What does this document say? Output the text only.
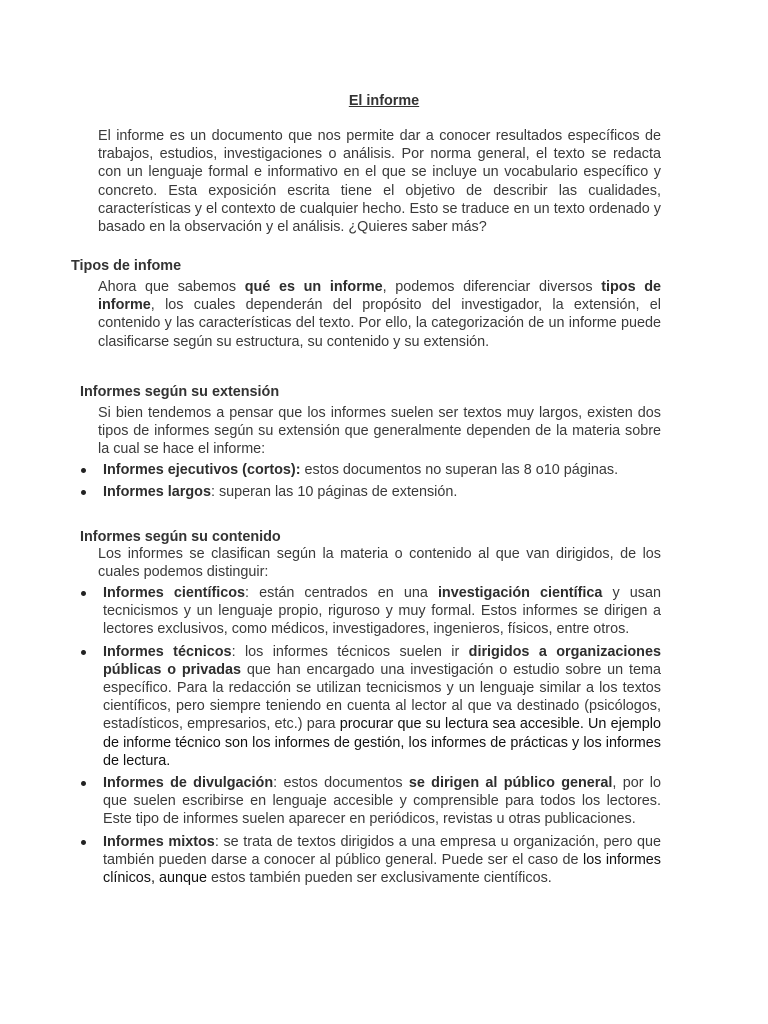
El informe

El informe es un documento que nos permite dar a conocer resultados específicos de trabajos, estudios, investigaciones o análisis. Por norma general, el texto se redacta con un lenguaje formal e informativo en el que se incluye un vocabulario específico y concreto. Esta exposición escrita tiene el objetivo de describir las cualidades, características y el contexto de cualquier hecho. Esto se traduce en un texto ordenado y basado en la observación y el análisis. ¿Quieres saber más?

Tipos de infome

Ahora que sabemos qué es un informe, podemos diferenciar diversos tipos de informe, los cuales dependerán del propósito del investigador, la extensión, el contenido y las características del texto. Por ello, la categorización de un informe puede clasificarse según su estructura, su contenido y su extensión.

Informes según su extensión

Si bien tendemos a pensar que los informes suelen ser textos muy largos, existen dos tipos de informes según su extensión que generalmente dependen de la materia sobre la cual se hace el informe:

Informes ejecutivos (cortos): estos documentos no superan las 8 o10 páginas.
Informes largos: superan las 10 páginas de extensión.
Informes según su contenido

Los informes se clasifican según la materia o contenido al que van dirigidos, de los cuales podemos distinguir:

Informes científicos: están centrados en una investigación científica y usan tecnicismos y un lenguaje propio, riguroso y muy formal. Estos informes se dirigen a lectores exclusivos, como médicos, investigadores, ingenieros, físicos, entre otros.
Informes técnicos: los informes técnicos suelen ir dirigidos a organizaciones públicas o privadas que han encargado una investigación o estudio sobre un tema específico. Para la redacción se utilizan tecnicismos y un lenguaje similar a los textos científicos, pero siempre teniendo en cuenta al lector al que va destinado (psicólogos, estadísticos, empresarios, etc.) para procurar que su lectura sea accesible. Un ejemplo de informe técnico son los informes de gestión, los informes de prácticas y los informes de lectura.
Informes de divulgación: estos documentos se dirigen al público general, por lo que suelen escribirse en lenguaje accesible y comprensible para todos los lectores. Este tipo de informes suelen aparecer en periódicos, revistas u otras publicaciones.
Informes mixtos: se trata de textos dirigidos a una empresa u organización, pero que también pueden darse a conocer al público general. Puede ser el caso de los informes clínicos, aunque estos también pueden ser exclusivamente científicos.
